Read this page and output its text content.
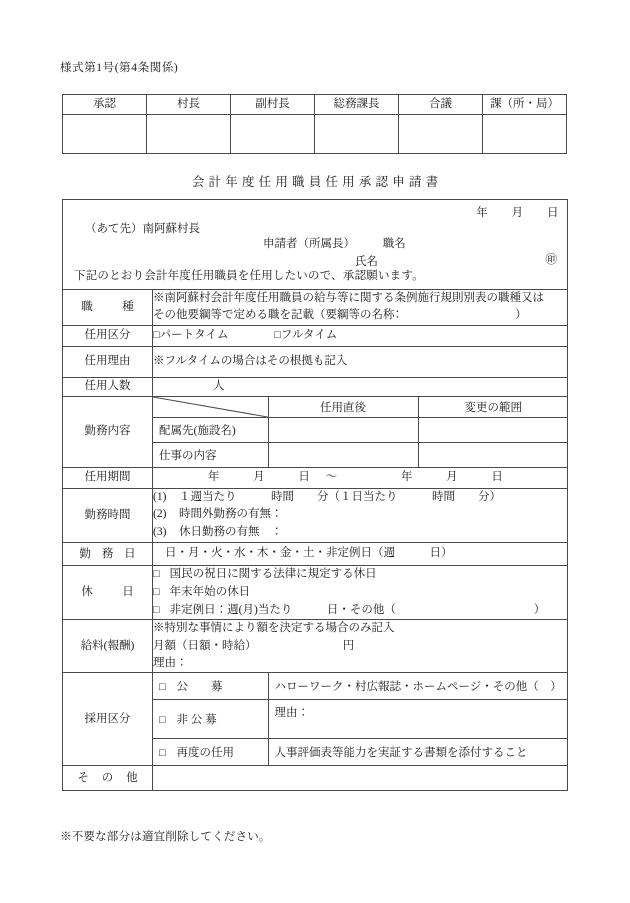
様式第1号(第4条関係)
承認	村長	副村長	総務課長	合議	課（所・局）

会計年度任用職員任用承認申請書
年 月 日
（あて先）南阿蘇村長
申請者（所属長） 職名
氏名	㊞
下記のとおり会計年度任用職員を任用したいので、承認願います。

職　種	
※南阿蘇村会計年度任用職員の給与等に関する条例施行規則別表の職種又は
その他要綱等で定める職を記載（要綱等の名称：　　　　　　　　　　）

任用区分	□パートタイム	□フルタイム
任用理由	※フルタイムの場合はその根拠も記入
任用人数	人
勤務内容	
	任用直後	変更の範囲
配属先(施設名)		
仕事の内容		

任用期間	年	月	日 ～	年	月	日
勤務時間	
(1) １週当たり　　　時間　　分（１日当たり　　　時間　　分）
(2) 時間外勤務の有無：
(3) 休日勤務の有無　：

勤 務 日	日・月・火・水・木・金・土・非定例日（週　　　日）
休　日	
□ 国民の祝日に関する法律に規定する休日
□ 年末年始の休日
□ 非定例日：週(月)当たり　　　日・その他（　　　　　　　　　　　　）

給料(報酬)	
※特別な事情により額を決定する場合のみ記入
月額（日額・時給）　　　　　　　　円
理由：

採用区分	
□ 公　　募	ハローワーク・村広報誌・ホームページ・その他（　）
□ 非 公 募	理由：
□ 再度の任用	人事評価表等能力を実証する書類を添付すること

そ の 他	
※不要な部分は適宜削除してください。
